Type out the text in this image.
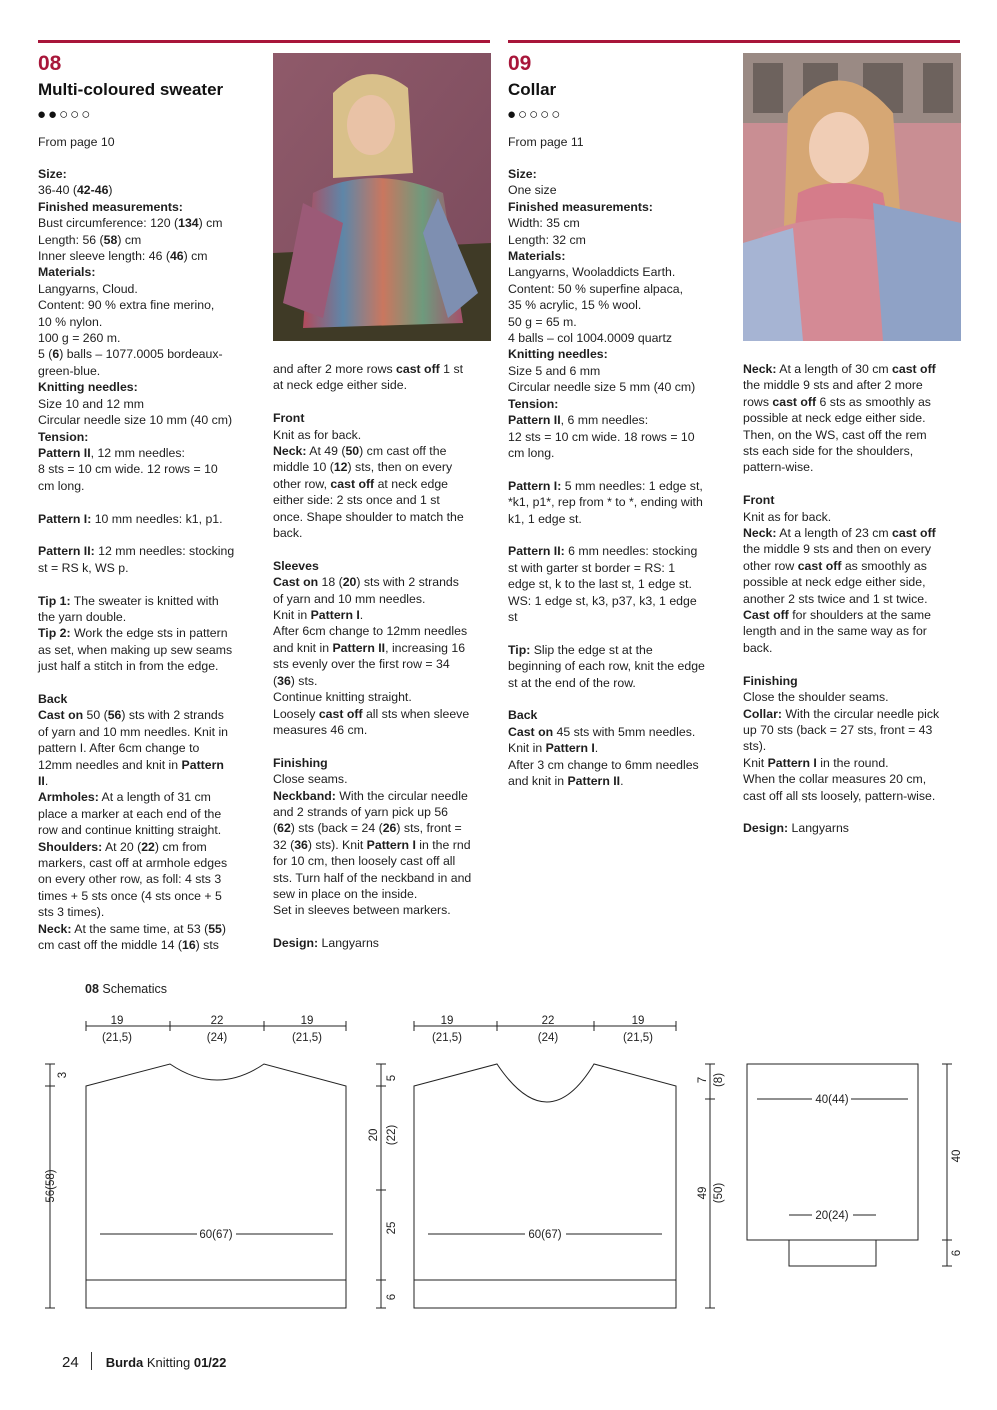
08
Multi-coloured sweater
●●○○○
From page 10
09
Collar
●○○○○
From page 11
Size:
36-40 (42-46)
Finished measurements:
Bust circumference: 120 (134) cm
Length: 56 (58) cm
Inner sleeve length: 46 (46) cm
Materials:
Langyarns, Cloud.
Content: 90 % extra fine merino,
10 % nylon.
100 g = 260 m.
5 (6) balls – 1077.0005 bordeaux-
green-blue.
Knitting needles:
Size 10 and 12 mm
Circular needle size 10 mm (40 cm)
Tension:
Pattern II, 12 mm needles:
8 sts = 10 cm wide. 12 rows = 10
cm long.
Pattern I: 10 mm needles: k1, p1.
Pattern II: 12 mm needles: stocking
st = RS k, WS p.
Tip 1: The sweater is knitted with
the yarn double.
Tip 2: Work the edge sts in pattern
as set, when making up sew seams
just half a stitch in from the edge.
Back
Cast on 50 (56) sts with 2 strands
of yarn and 10 mm needles. Knit in
pattern I. After 6cm change to
12mm needles and knit in Pattern
II.
Armholes: At a length of 31 cm
place a marker at each end of the
row and continue knitting straight.
Shoulders: At 20 (22) cm from
markers, cast off at armhole edges
on every other row, as foll: 4 sts 3
times + 5 sts once (4 sts once + 5
sts 3 times).
Neck: At the same time, at 53 (55)
cm cast off the middle 14 (16) sts
and after 2 more rows cast off 1 st
at neck edge either side.
Front
Knit as for back.
Neck: At 49 (50) cm cast off the
middle 10 (12) sts, then on every
other row, cast off at neck edge
either side: 2 sts once and 1 st
once. Shape shoulder to match the
back.
Sleeves
Cast on 18 (20) sts with 2 strands
of yarn and 10 mm needles.
Knit in Pattern I.
After 6cm change to 12mm needles
and knit in Pattern II, increasing 16
sts evenly over the first row = 34
(36) sts.
Continue knitting straight.
Loosely cast off all sts when sleeve
measures 46 cm.
Finishing
Close seams.
Neckband: With the circular needle
and 2 strands of yarn pick up 56
(62) sts (back = 24 (26) sts, front =
32 (36) sts). Knit Pattern I in the rnd
for 10 cm, then loosely cast off all
sts. Turn half of the neckband in and
sew in place on the inside.
Set in sleeves between markers.
Design: Langyarns
Size:
One size
Finished measurements:
Width: 35 cm
Length: 32 cm
Materials:
Langyarns, Wooladdicts Earth.
Content: 50 % superfine alpaca,
35 % acrylic, 15 % wool.
50 g = 65 m.
4 balls – col 1004.0009 quartz
Knitting needles:
Size 5 and 6 mm
Circular needle size 5 mm (40 cm)
Tension:
Pattern II, 6 mm needles:
12 sts = 10 cm wide. 18 rows = 10
cm long.
Pattern I: 5 mm needles: 1 edge st,
*k1, p1*, rep from * to *, ending with
k1, 1 edge st.
Pattern II: 6 mm needles: stocking
st with garter st border = RS: 1
edge st, k to the last st, 1 edge st.
WS: 1 edge st, k3, p37, k3, 1 edge
st
Tip: Slip the edge st at the
beginning of each row, knit the edge
st at the end of the row.
Back
Cast on 45 sts with 5mm needles.
Knit in Pattern I.
After 3 cm change to 6mm needles
and knit in Pattern II.
Neck: At a length of 30 cm cast off
the middle 9 sts and after 2 more
rows cast off 6 sts as smoothly as
possible at neck edge either side.
Then, on the WS, cast off the rem
sts each side for the shoulders,
pattern-wise.
Front
Knit as for back.
Neck: At a length of 23 cm cast off
the middle 9 sts and then on every
other row cast off as smoothly as
possible at neck edge either side,
another 2 sts twice and 1 st twice.
Cast off for shoulders at the same
length and in the same way as for
back.
Finishing
Close the shoulder seams.
Collar: With the circular needle pick
up 70 sts (back = 27 sts, front = 43
sts).
Knit Pattern I in the round.
When the collar measures 20 cm,
cast off all sts loosely, pattern-wise.
Design: Langyarns
08 Schematics
19
(21,5)
22
(24)
19
(21,5)
3
56(58)
60(67)
19
(21,5)
22
(24)
19
(21,5)
5
20 (22)
25
6
60(67)
7 (8)
49 (50)
40(44)
20(24)
40
6
24 Burda Knitting 01/22
